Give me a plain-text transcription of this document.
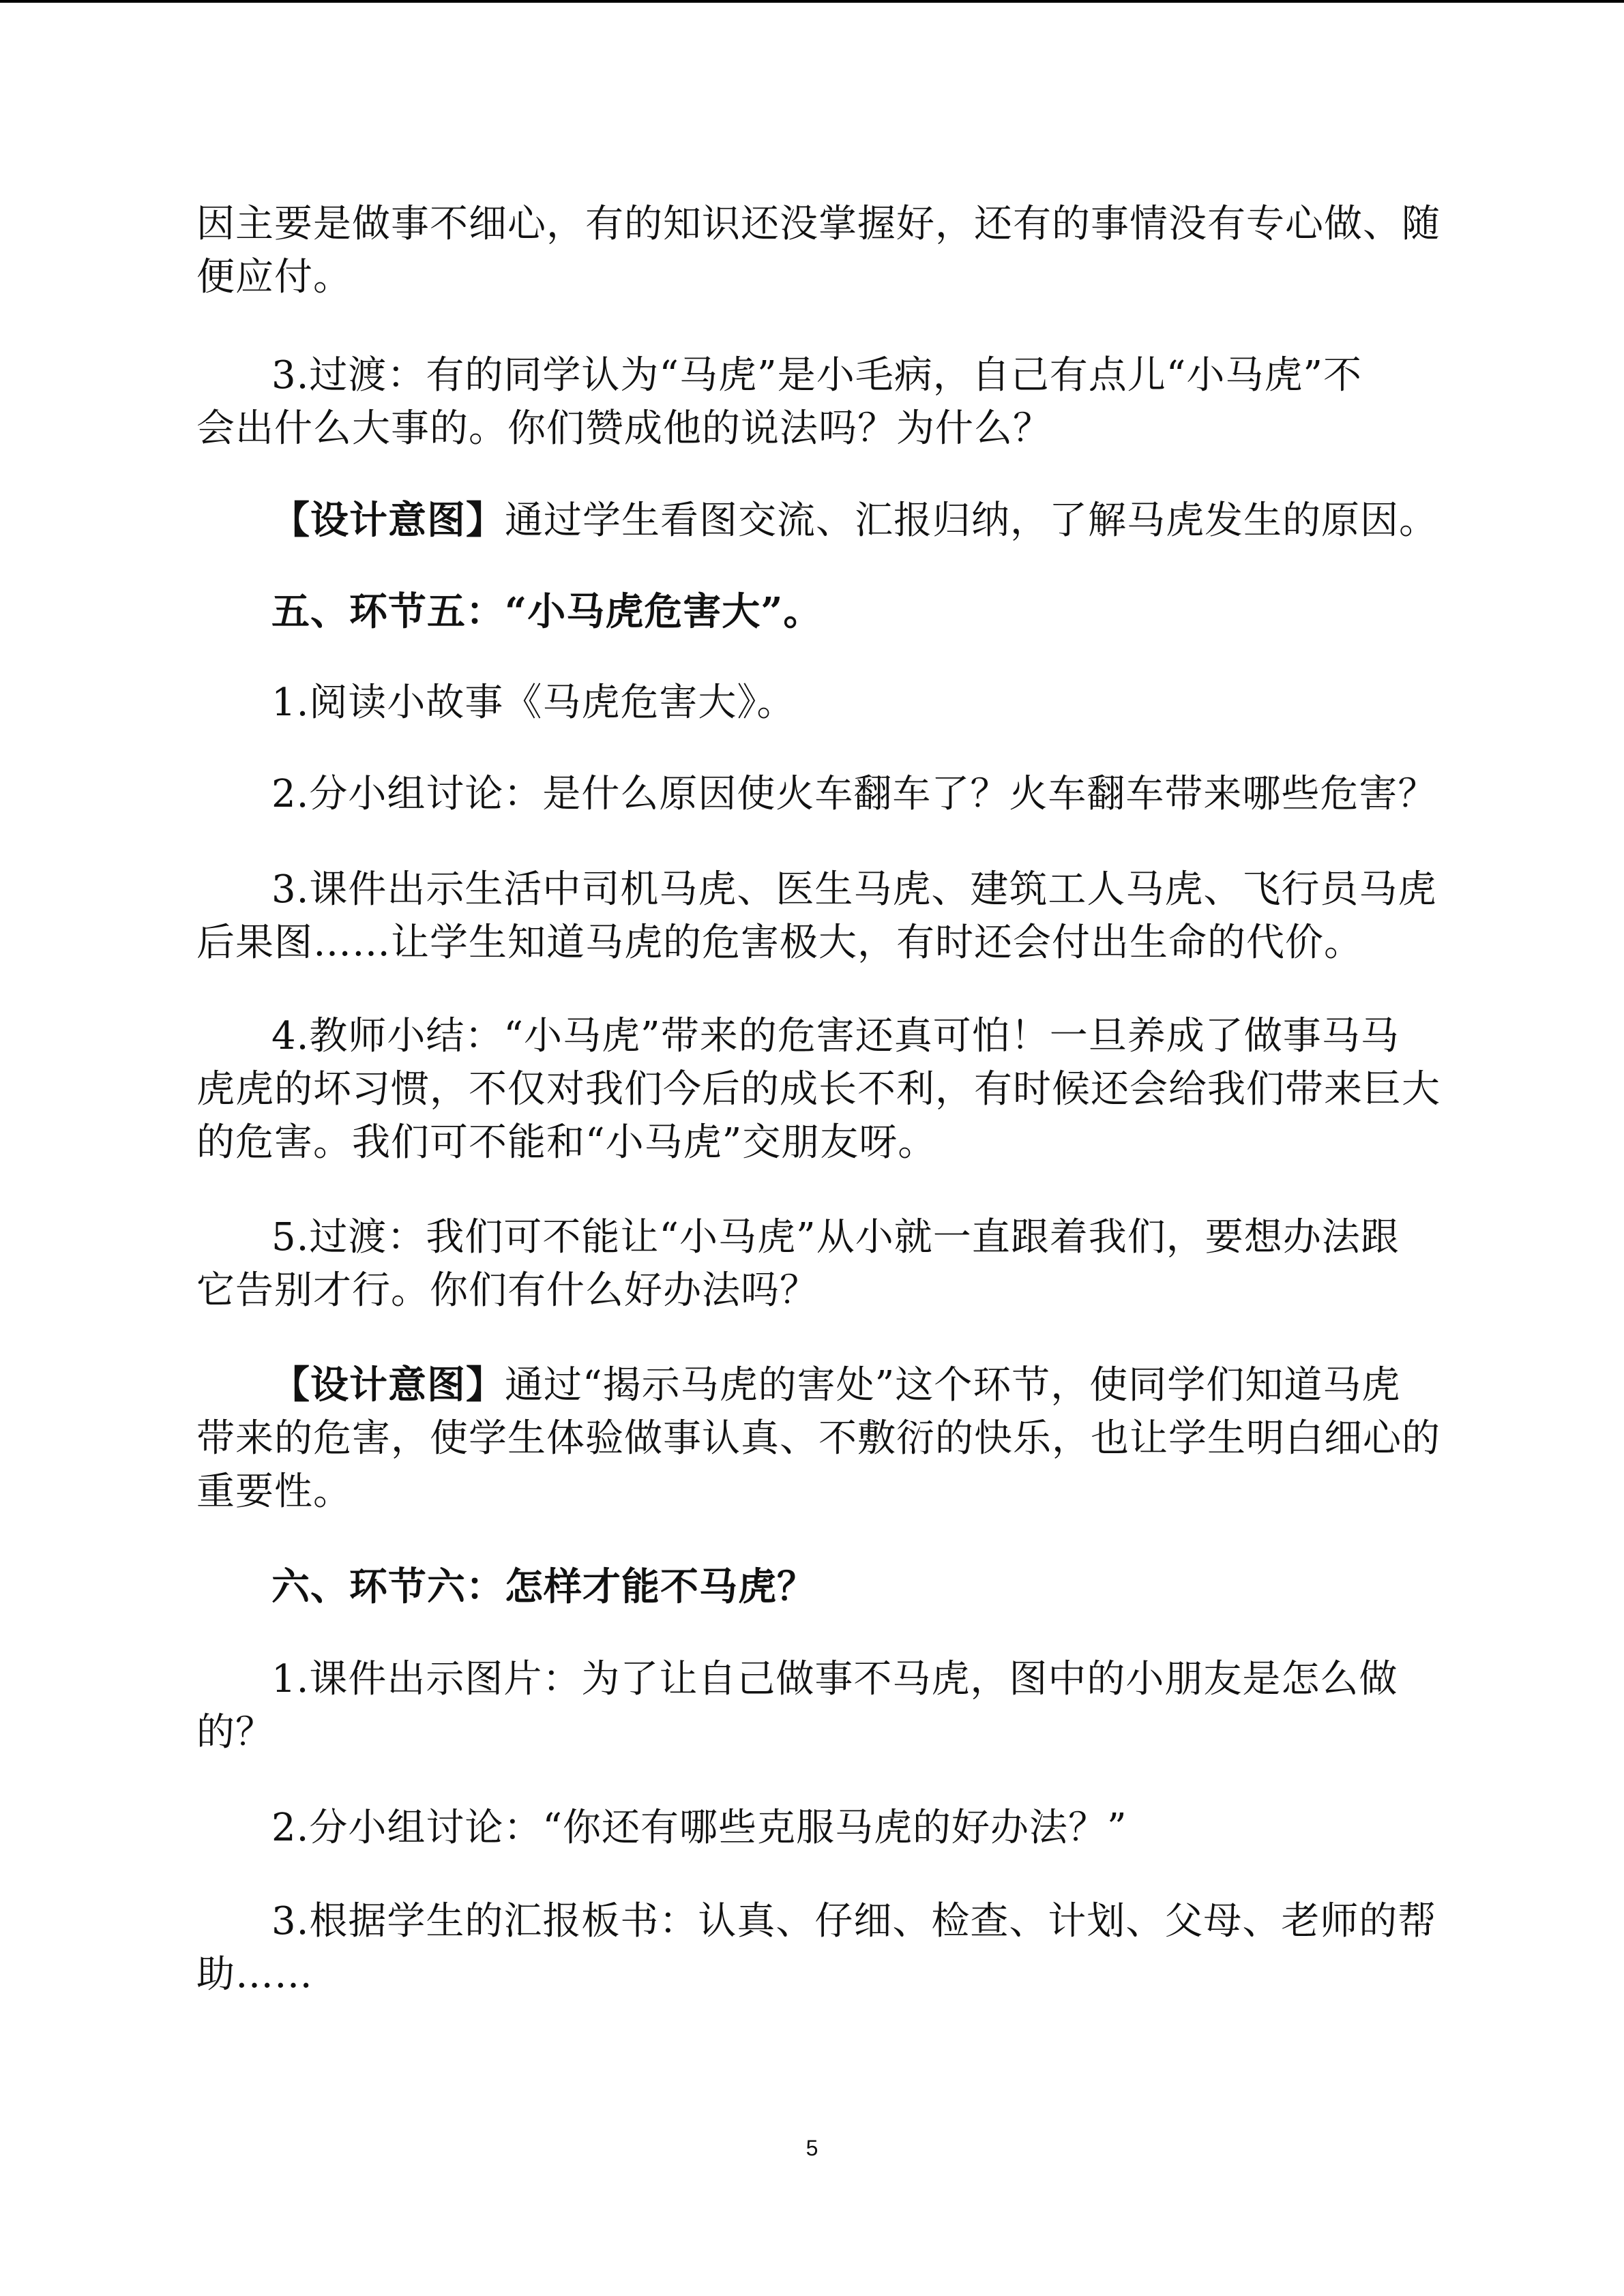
因主要是做事不细心，有的知识还没掌握好，还有的事情没有专心做、随
便应付。

3.过渡：有的同学认为“马虎”是小毛病，自己有点儿“小马虎”不
会出什么大事的。你们赞成他的说法吗？为什么？

【设计意图】通过学生看图交流、汇报归纳，了解马虎发生的原因。

五、环节五：“小马虎危害大”。

1.阅读小故事《马虎危害大》。

2.分小组讨论：是什么原因使火车翻车了？火车翻车带来哪些危害？

3.课件出示生活中司机马虎、医生马虎、建筑工人马虎、飞行员马虎
后果图……让学生知道马虎的危害极大，有时还会付出生命的代价。

4.教师小结：“小马虎”带来的危害还真可怕！一旦养成了做事马马
虎虎的坏习惯，不仅对我们今后的成长不利，有时候还会给我们带来巨大
的危害。我们可不能和“小马虎”交朋友呀。

5.过渡：我们可不能让“小马虎”从小就一直跟着我们，要想办法跟
它告别才行。你们有什么好办法吗？

【设计意图】通过“揭示马虎的害处”这个环节，使同学们知道马虎
带来的危害，使学生体验做事认真、不敷衍的快乐，也让学生明白细心的
重要性。

六、环节六：怎样才能不马虎？

1.课件出示图片：为了让自己做事不马虎，图中的小朋友是怎么做
的？

2.分小组讨论：“你还有哪些克服马虎的好办法？”

3.根据学生的汇报板书：认真、仔细、检查、计划、父母、老师的帮
助……

5
